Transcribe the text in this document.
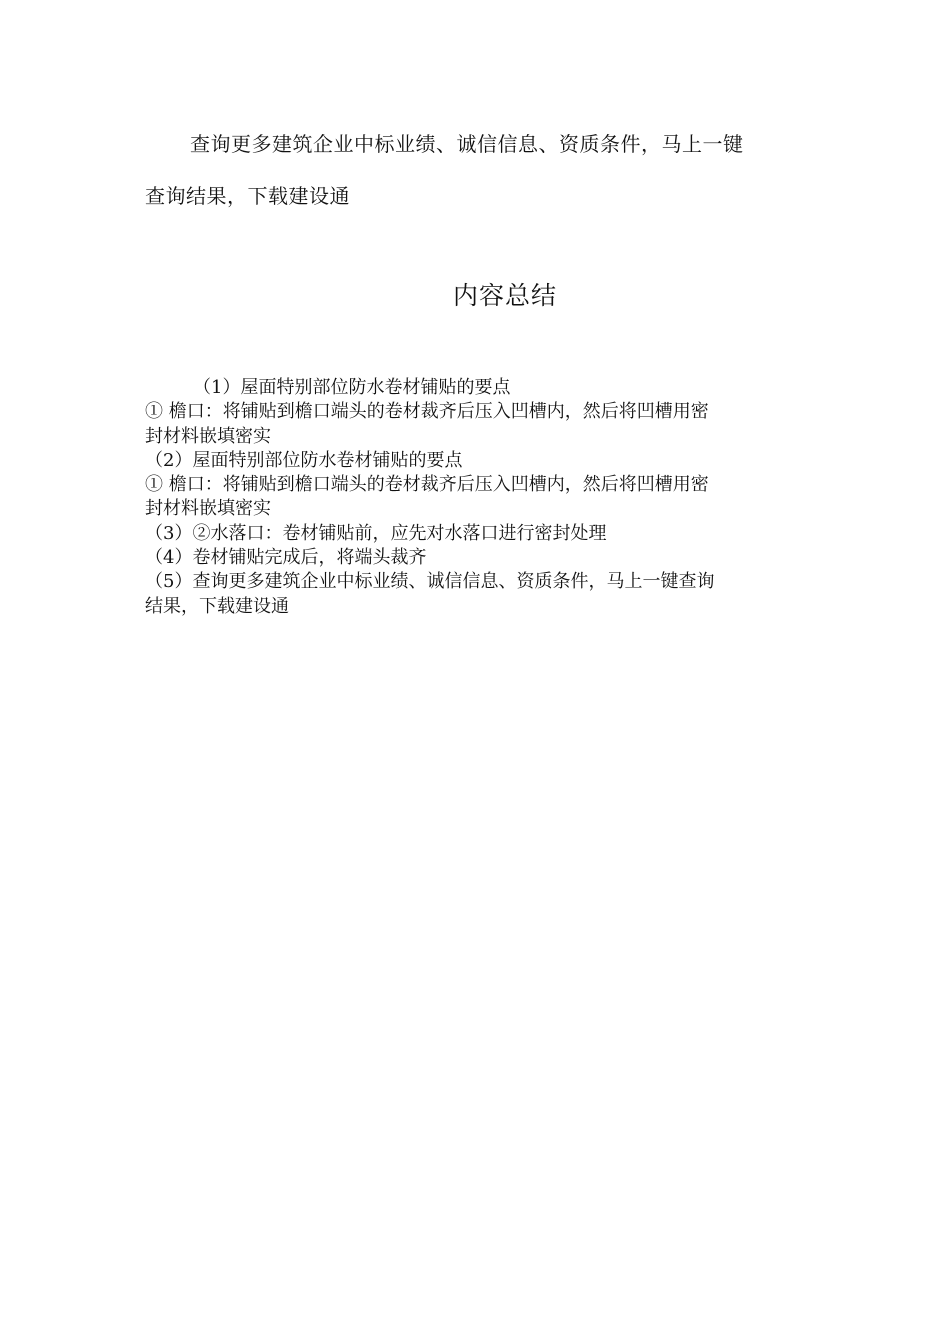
查询更多建筑企业中标业绩、诚信信息、资质条件，马上一键
查询结果，下载建设通
内容总结

（1）屋面特别部位防水卷材铺贴的要点

① 檐口：将铺贴到檐口端头的卷材裁齐后压入凹槽内，然后将凹槽用密
封材料嵌填密实

（2）屋面特别部位防水卷材铺贴的要点

① 檐口：将铺贴到檐口端头的卷材裁齐后压入凹槽内，然后将凹槽用密
封材料嵌填密实

（3）②水落口：卷材铺贴前，应先对水落口进行密封处理

（4）卷材铺贴完成后，将端头裁齐

（5）查询更多建筑企业中标业绩、诚信信息、资质条件，马上一键查询
结果，下载建设通
